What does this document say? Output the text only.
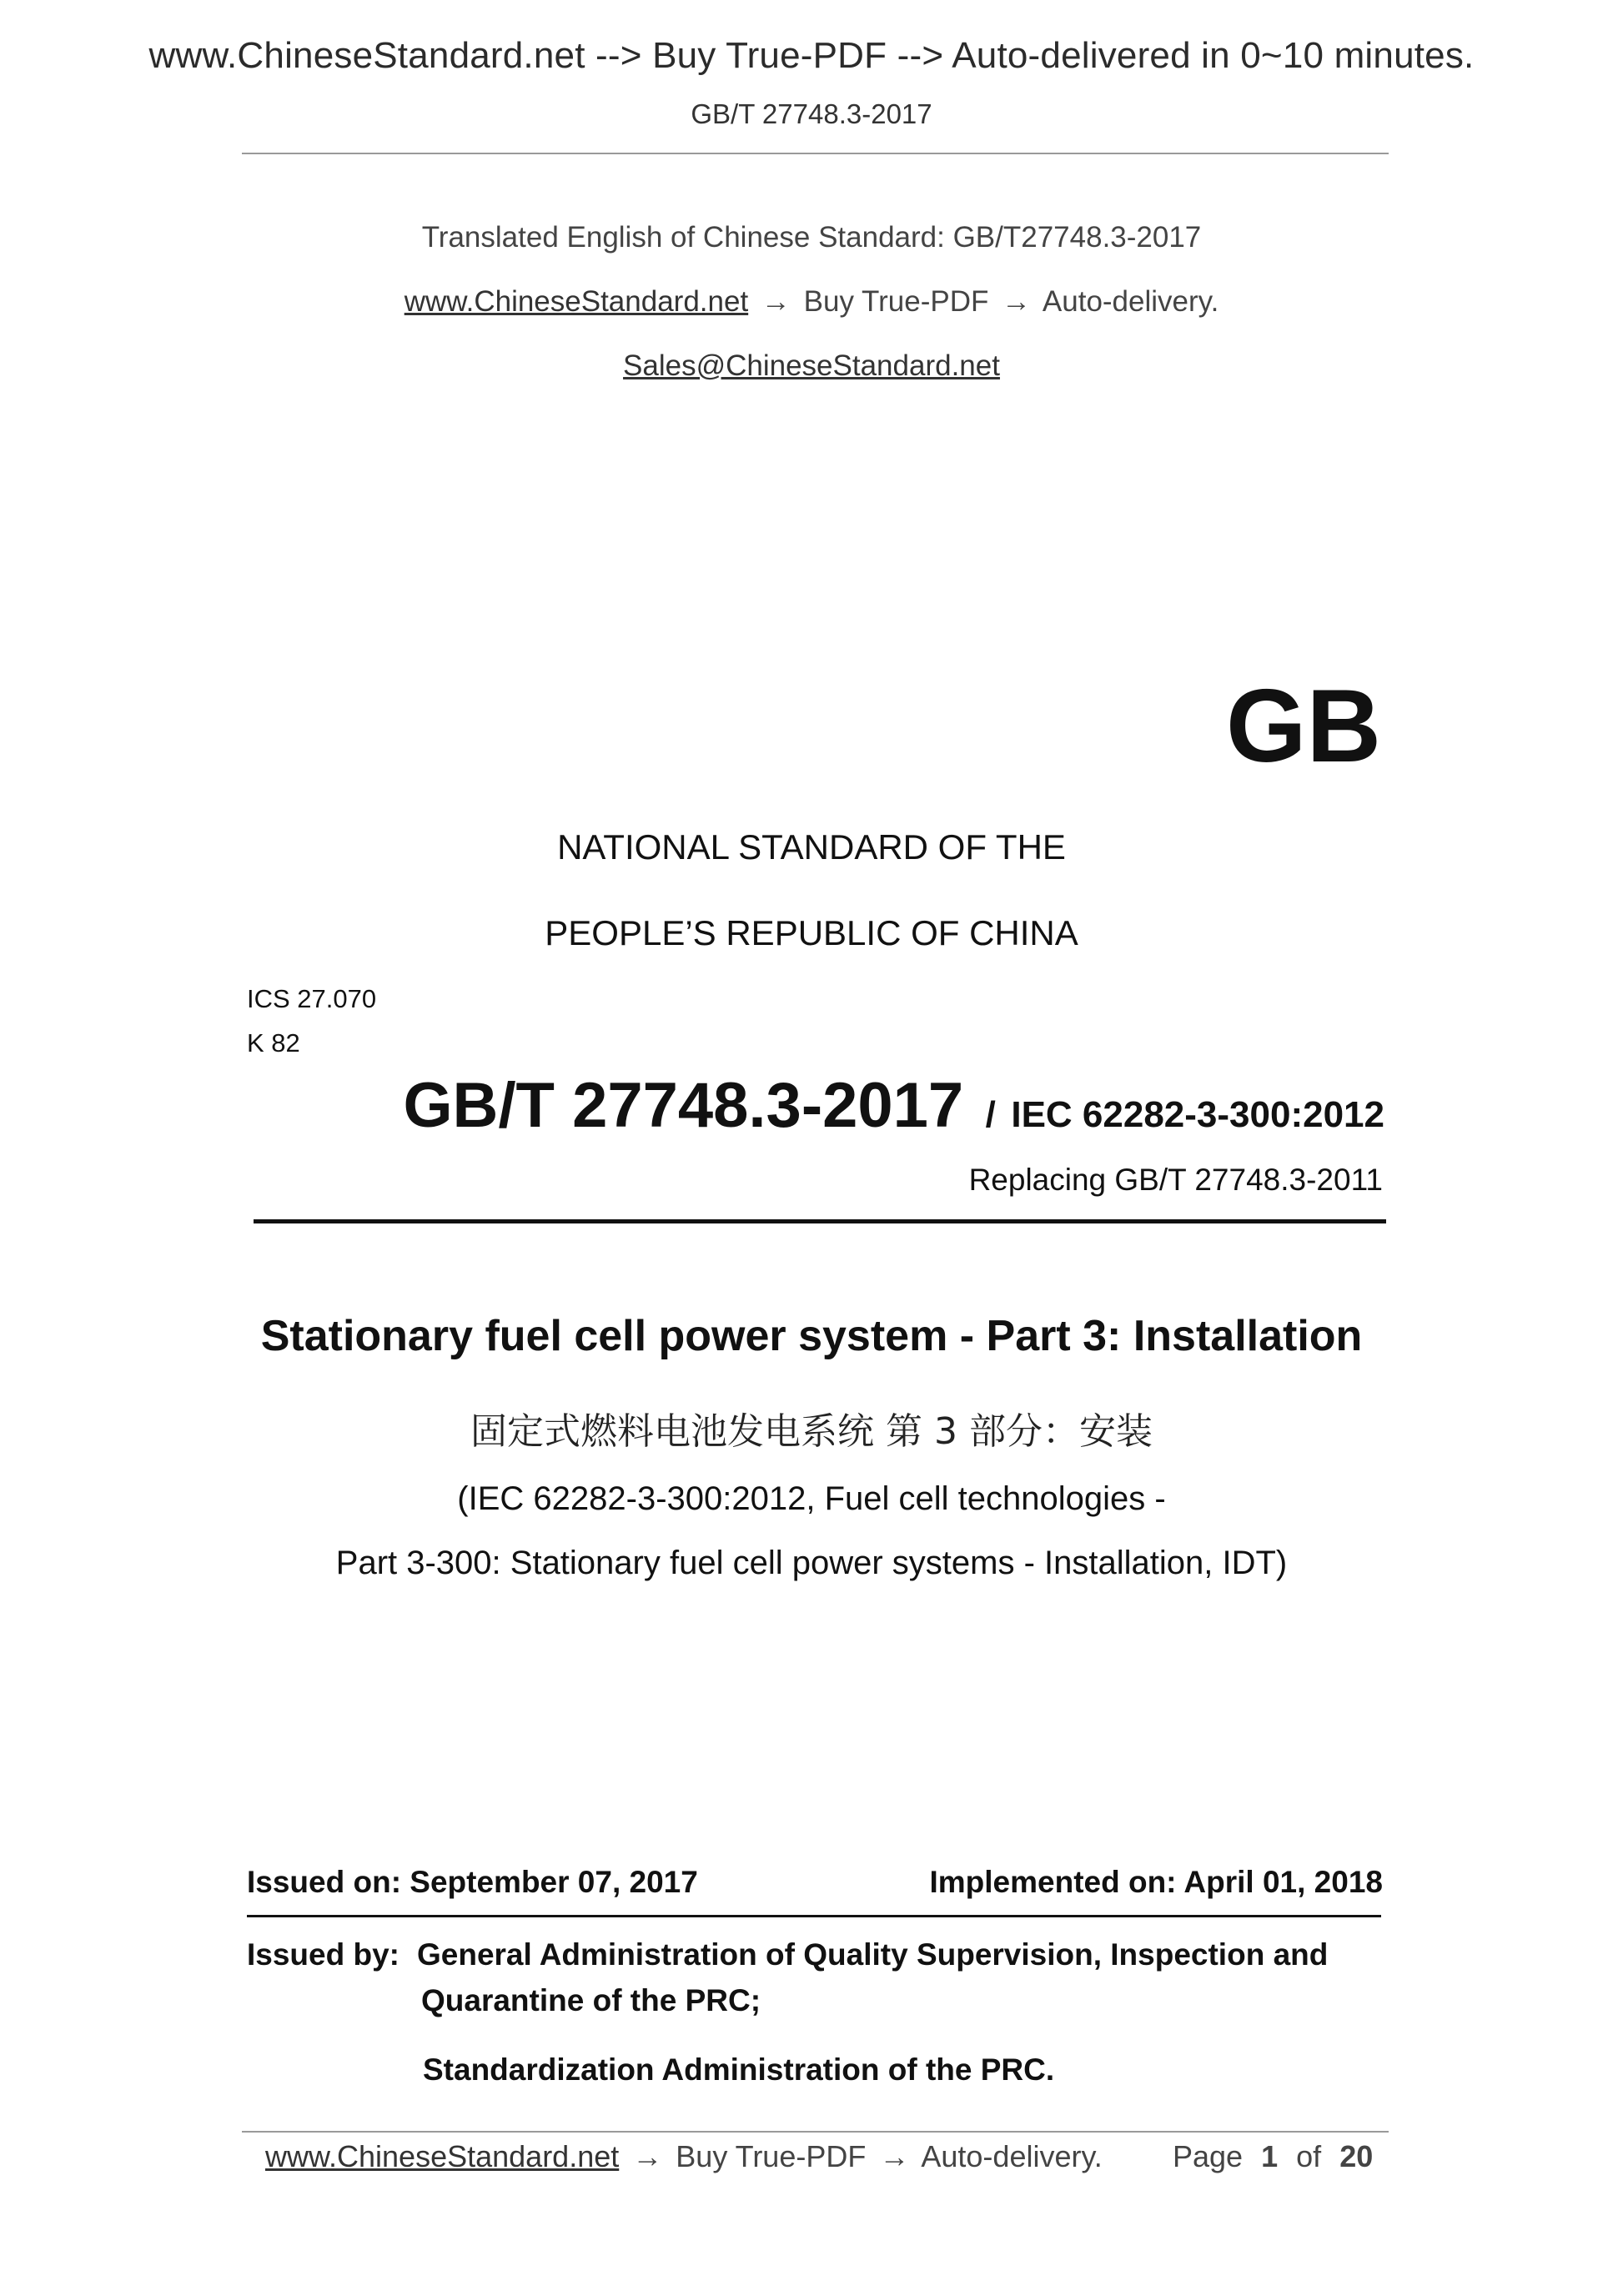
www.ChineseStandard.net --> Buy True-PDF --> Auto-delivered in 0~10 minutes.
GB/T 27748.3-2017
Translated English of Chinese Standard: GB/T27748.3-2017
www.ChineseStandard.net → Buy True-PDF → Auto-delivery.
Sales@ChineseStandard.net
GB
NATIONAL STANDARD OF THE
PEOPLE’S REPUBLIC OF CHINA
ICS 27.070
K 82
GB/T 27748.3-2017 / IEC 62282-3-300:2012
Replacing GB/T 27748.3-2011
Stationary fuel cell power system - Part 3: Installation
固定式燃料电池发电系统 第 3 部分：安装
(IEC 62282-3-300:2012, Fuel cell technologies -
Part 3-300: Stationary fuel cell power systems - Installation, IDT)
Issued on: September 07, 2017	Implemented on: April 01, 2018
Issued by: General Administration of Quality Supervision, Inspection and
Quarantine of the PRC;
Standardization Administration of the PRC.
www.ChineseStandard.net → Buy True-PDF → Auto-delivery. Page 1 of 20
